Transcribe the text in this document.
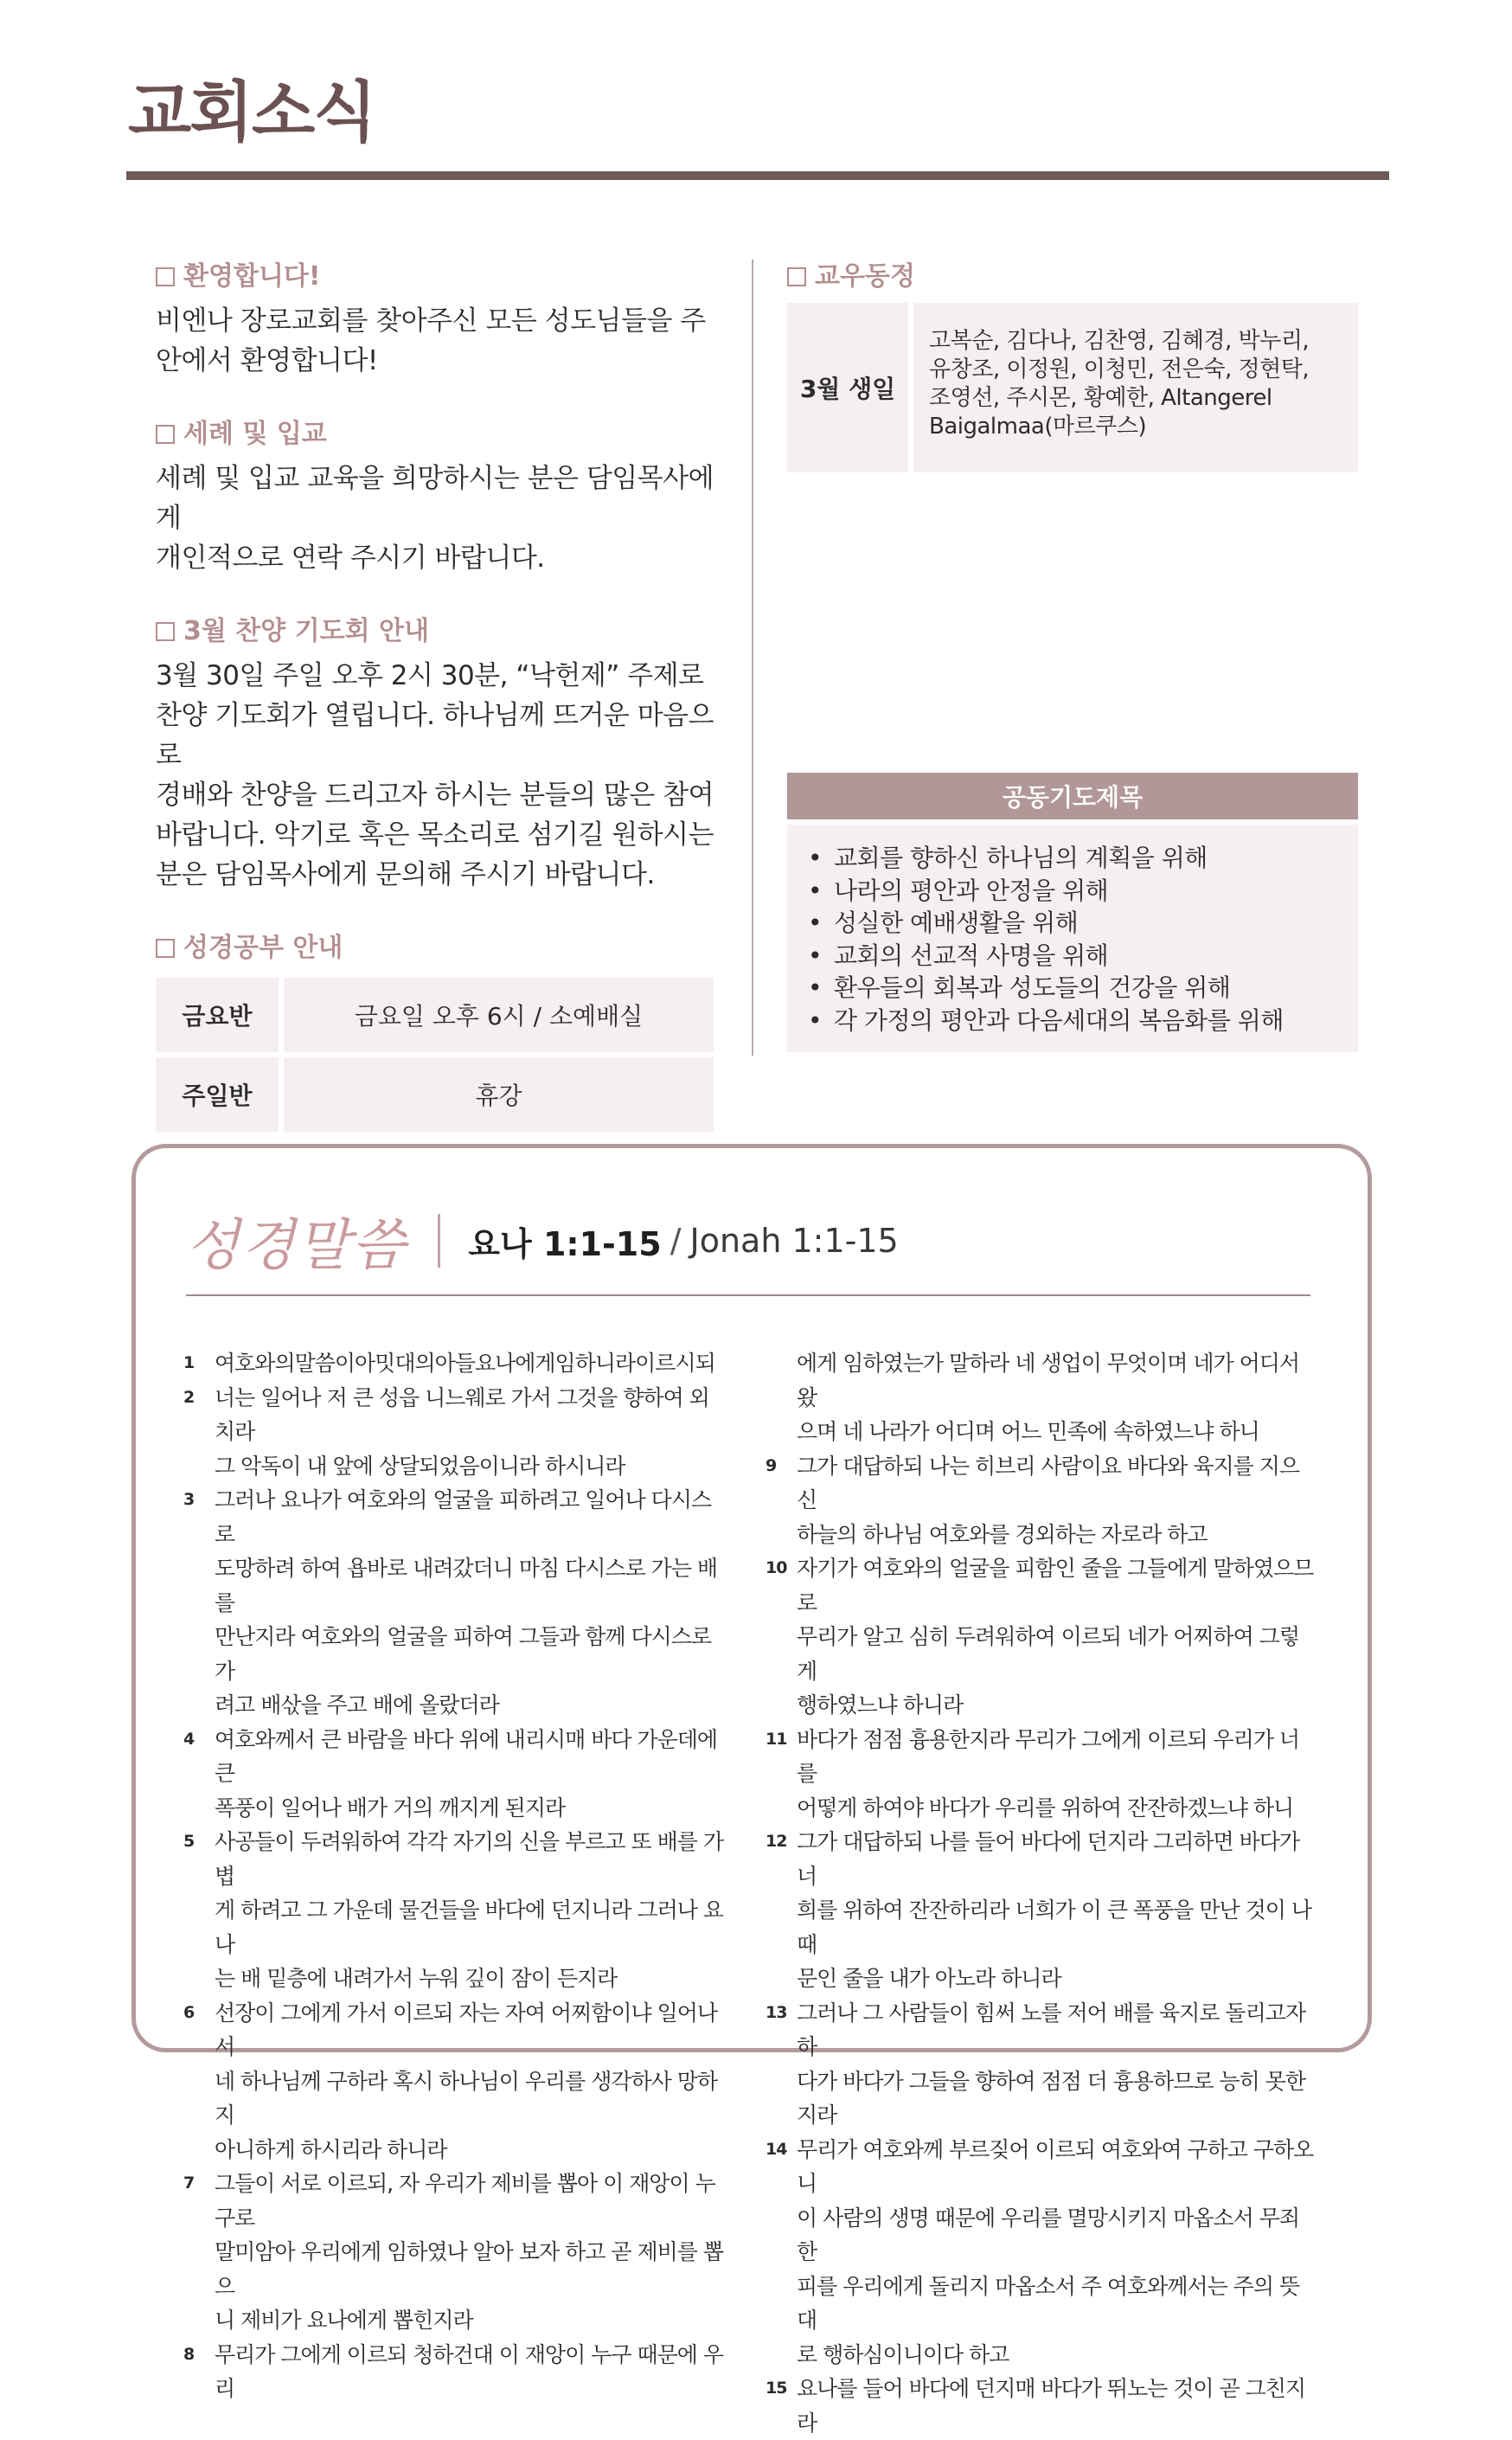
교회소식
환영합니다!

비엔나 장로교회를 찾아주신 모든 성도님들을 주
안에서 환영합니다!

세례 및 입교

세례 및 입교 교육을 희망하시는 분은 담임목사에게
개인적으로 연락 주시기 바랍니다.

3월 찬양 기도회 안내

3월 30일 주일 오후 2시 30분, “낙헌제” 주제로
찬양 기도회가 열립니다. 하나님께 뜨거운 마음으로
경배와 찬양을 드리고자 하시는 분들의 많은 참여
바랍니다. 악기로 혹은 목소리로 섬기길 원하시는
분은 담임목사에게 문의해 주시기 바랍니다.

성경공부 안내
금요반	금요일 오후 6시 / 소예배실
주일반	휴강
교우동정
3월 생일
고복순, 김다나, 김찬영, 김혜경, 박누리,
유창조, 이정원, 이청민, 전은숙, 정현탁,
조영선, 주시몬, 황예한, Altangerel
Baigalmaa(마르쿠스)
공동기도제목
• 교회를 향하신 하나님의 계획을 위해
• 나라의 평안과 안정을 위해
• 성실한 예배생활을 위해
• 교회의 선교적 사명을 위해
• 환우들의 회복과 성도들의 건강을 위해
• 각 가정의 평안과 다음세대의 복음화를 위해
성경말씀 요나 1:1-15 / Jonah 1:1-15
1 여호와의말씀이아밋대의아들요나에게임하니라이르시되
2 너는 일어나 저 큰 성읍 니느웨로 가서 그것을 향하여 외치라
그 악독이 내 앞에 상달되었음이니라 하시니라
3 그러나 요나가 여호와의 얼굴을 피하려고 일어나 다시스로
도망하려 하여 욥바로 내려갔더니 마침 다시스로 가는 배를
만난지라 여호와의 얼굴을 피하여 그들과 함께 다시스로 가
려고 배삯을 주고 배에 올랐더라
4 여호와께서 큰 바람을 바다 위에 내리시매 바다 가운데에 큰
폭풍이 일어나 배가 거의 깨지게 된지라
5 사공들이 두려워하여 각각 자기의 신을 부르고 또 배를 가볍
게 하려고 그 가운데 물건들을 바다에 던지니라 그러나 요나
는 배 밑층에 내려가서 누워 깊이 잠이 든지라
6 선장이 그에게 가서 이르되 자는 자여 어찌함이냐 일어나서
네 하나님께 구하라 혹시 하나님이 우리를 생각하사 망하지
아니하게 하시리라 하니라
7 그들이 서로 이르되, 자 우리가 제비를 뽑아 이 재앙이 누구로
말미암아 우리에게 임하였나 알아 보자 하고 곧 제비를 뽑으
니 제비가 요나에게 뽑힌지라
8 무리가 그에게 이르되 청하건대 이 재앙이 누구 때문에 우리
에게 임하였는가 말하라 네 생업이 무엇이며 네가 어디서 왔
으며 네 나라가 어디며 어느 민족에 속하였느냐 하니
9 그가 대답하되 나는 히브리 사람이요 바다와 육지를 지으신
하늘의 하나님 여호와를 경외하는 자로라 하고
10 자기가 여호와의 얼굴을 피함인 줄을 그들에게 말하였으므로
무리가 알고 심히 두려워하여 이르되 네가 어찌하여 그렇게
행하였느냐 하니라
11 바다가 점점 흉용한지라 무리가 그에게 이르되 우리가 너를
어떻게 하여야 바다가 우리를 위하여 잔잔하겠느냐 하니
12 그가 대답하되 나를 들어 바다에 던지라 그리하면 바다가 너
희를 위하여 잔잔하리라 너희가 이 큰 폭풍을 만난 것이 나 때
문인 줄을 내가 아노라 하니라
13 그러나 그 사람들이 힘써 노를 저어 배를 육지로 돌리고자 하
다가 바다가 그들을 향하여 점점 더 흉용하므로 능히 못한지라
14 무리가 여호와께 부르짖어 이르되 여호와여 구하고 구하오니
이 사람의 생명 때문에 우리를 멸망시키지 마옵소서 무죄한
피를 우리에게 돌리지 마옵소서 주 여호와께서는 주의 뜻대
로 행하심이니이다 하고
15 요나를 들어 바다에 던지매 바다가 뛰노는 것이 곧 그친지라
